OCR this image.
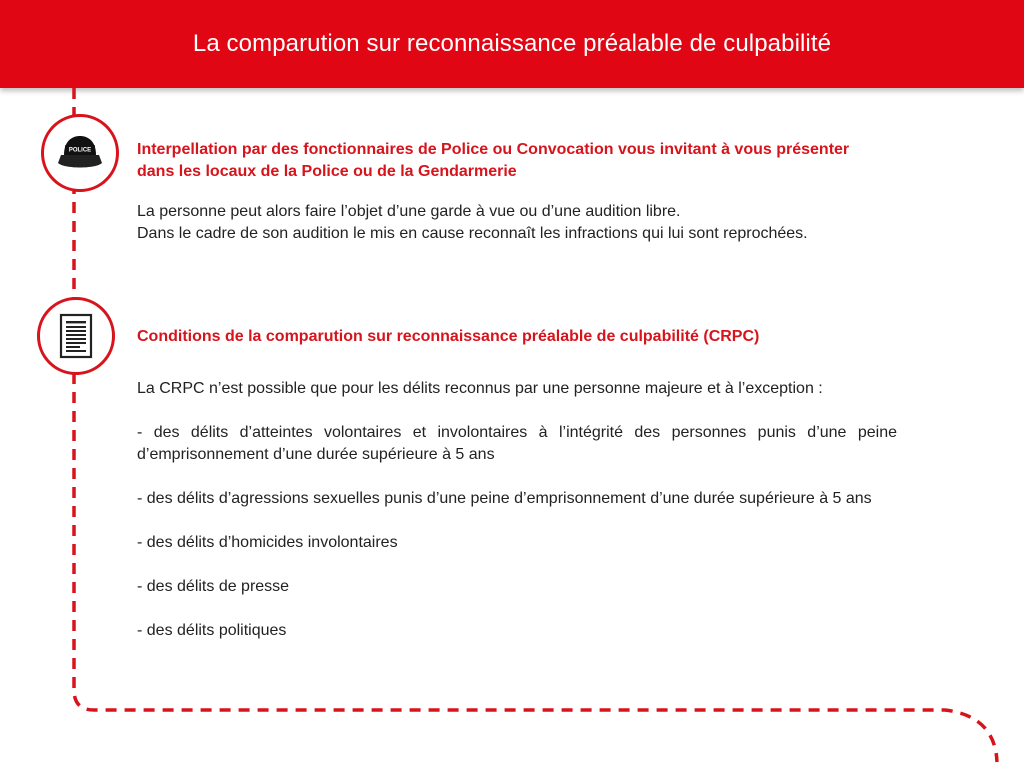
La comparution sur reconnaissance préalable de culpabilité
POLICE	Interpellation par des fonctionnaires de Police ou Convocation vous invitant à vous présenter dans les locaux de la Police ou de la Gendarmerie

La personne peut alors faire l’objet d’une garde à vue ou d’une audition libre.
Dans le cadre de son audition le mis en cause reconnaît les infractions qui lui sont reprochées.

Conditions de la comparution sur reconnaissance préalable de culpabilité (CRPC)

La CRPC n’est possible que pour les délits reconnus par une personne majeure et à l’exception :

- des délits d’atteintes volontaires et involontaires à l’intégrité des personnes punis d’une peine d’emprisonnement d’une durée supérieure à 5 ans

- des délits d’agressions sexuelles punis d’une peine d’emprisonnement d’une durée supérieure à 5 ans

- des délits d’homicides involontaires

- des délits de presse

- des délits politiques
